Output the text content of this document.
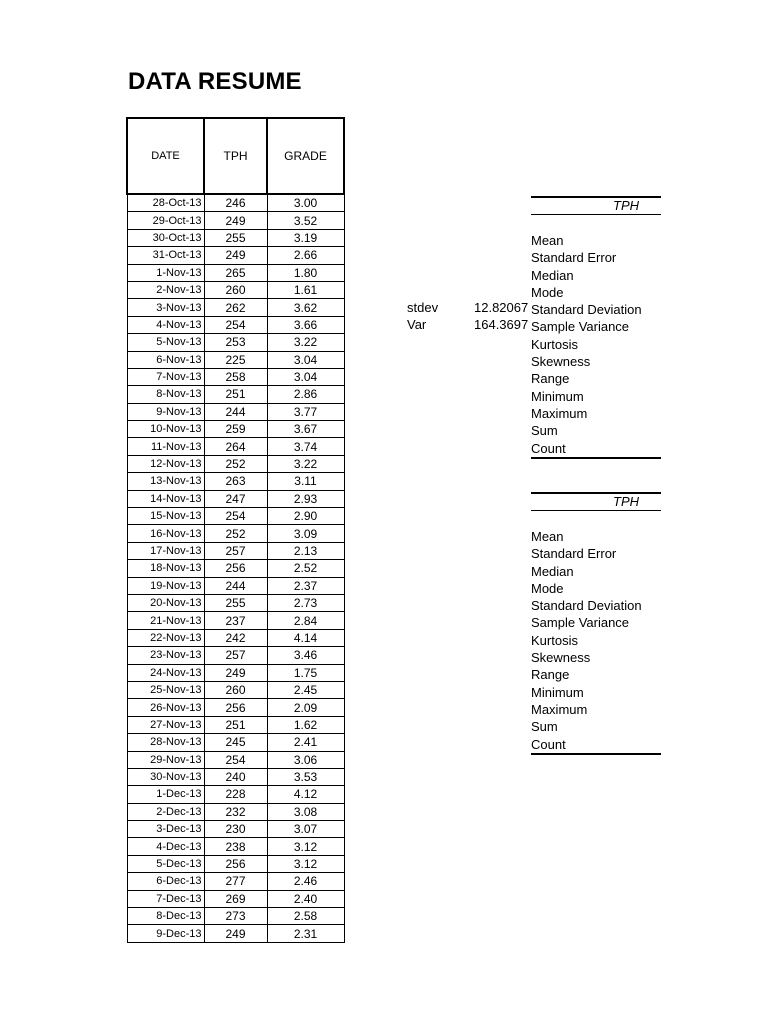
DATA RESUME
DATE	TPH	GRADE
28-Oct-13	246	3.00
29-Oct-13	249	3.52
30-Oct-13	255	3.19
31-Oct-13	249	2.66
1-Nov-13	265	1.80
2-Nov-13	260	1.61
3-Nov-13	262	3.62
4-Nov-13	254	3.66
5-Nov-13	253	3.22
6-Nov-13	225	3.04
7-Nov-13	258	3.04
8-Nov-13	251	2.86
9-Nov-13	244	3.77
10-Nov-13	259	3.67
11-Nov-13	264	3.74
12-Nov-13	252	3.22
13-Nov-13	263	3.11
14-Nov-13	247	2.93
15-Nov-13	254	2.90
16-Nov-13	252	3.09
17-Nov-13	257	2.13
18-Nov-13	256	2.52
19-Nov-13	244	2.37
20-Nov-13	255	2.73
21-Nov-13	237	2.84
22-Nov-13	242	4.14
23-Nov-13	257	3.46
24-Nov-13	249	1.75
25-Nov-13	260	2.45
26-Nov-13	256	2.09
27-Nov-13	251	1.62
28-Nov-13	245	2.41
29-Nov-13	254	3.06
30-Nov-13	240	3.53
1-Dec-13	228	4.12
2-Dec-13	232	3.08
3-Dec-13	230	3.07
4-Dec-13	238	3.12
5-Dec-13	256	3.12
6-Dec-13	277	2.46
7-Dec-13	269	2.40
8-Dec-13	273	2.58
9-Dec-13	249	2.31
TPH
Mean
Standard Error
Median
Mode
Standard Deviation
Sample Variance
Kurtosis
Skewness
Range
Minimum
Maximum
Sum
Count
TPH
Mean
Standard Error
Median
Mode
Standard Deviation
Sample Variance
Kurtosis
Skewness
Range
Minimum
Maximum
Sum
Count
stdev	12.82067
Var	164.3697
